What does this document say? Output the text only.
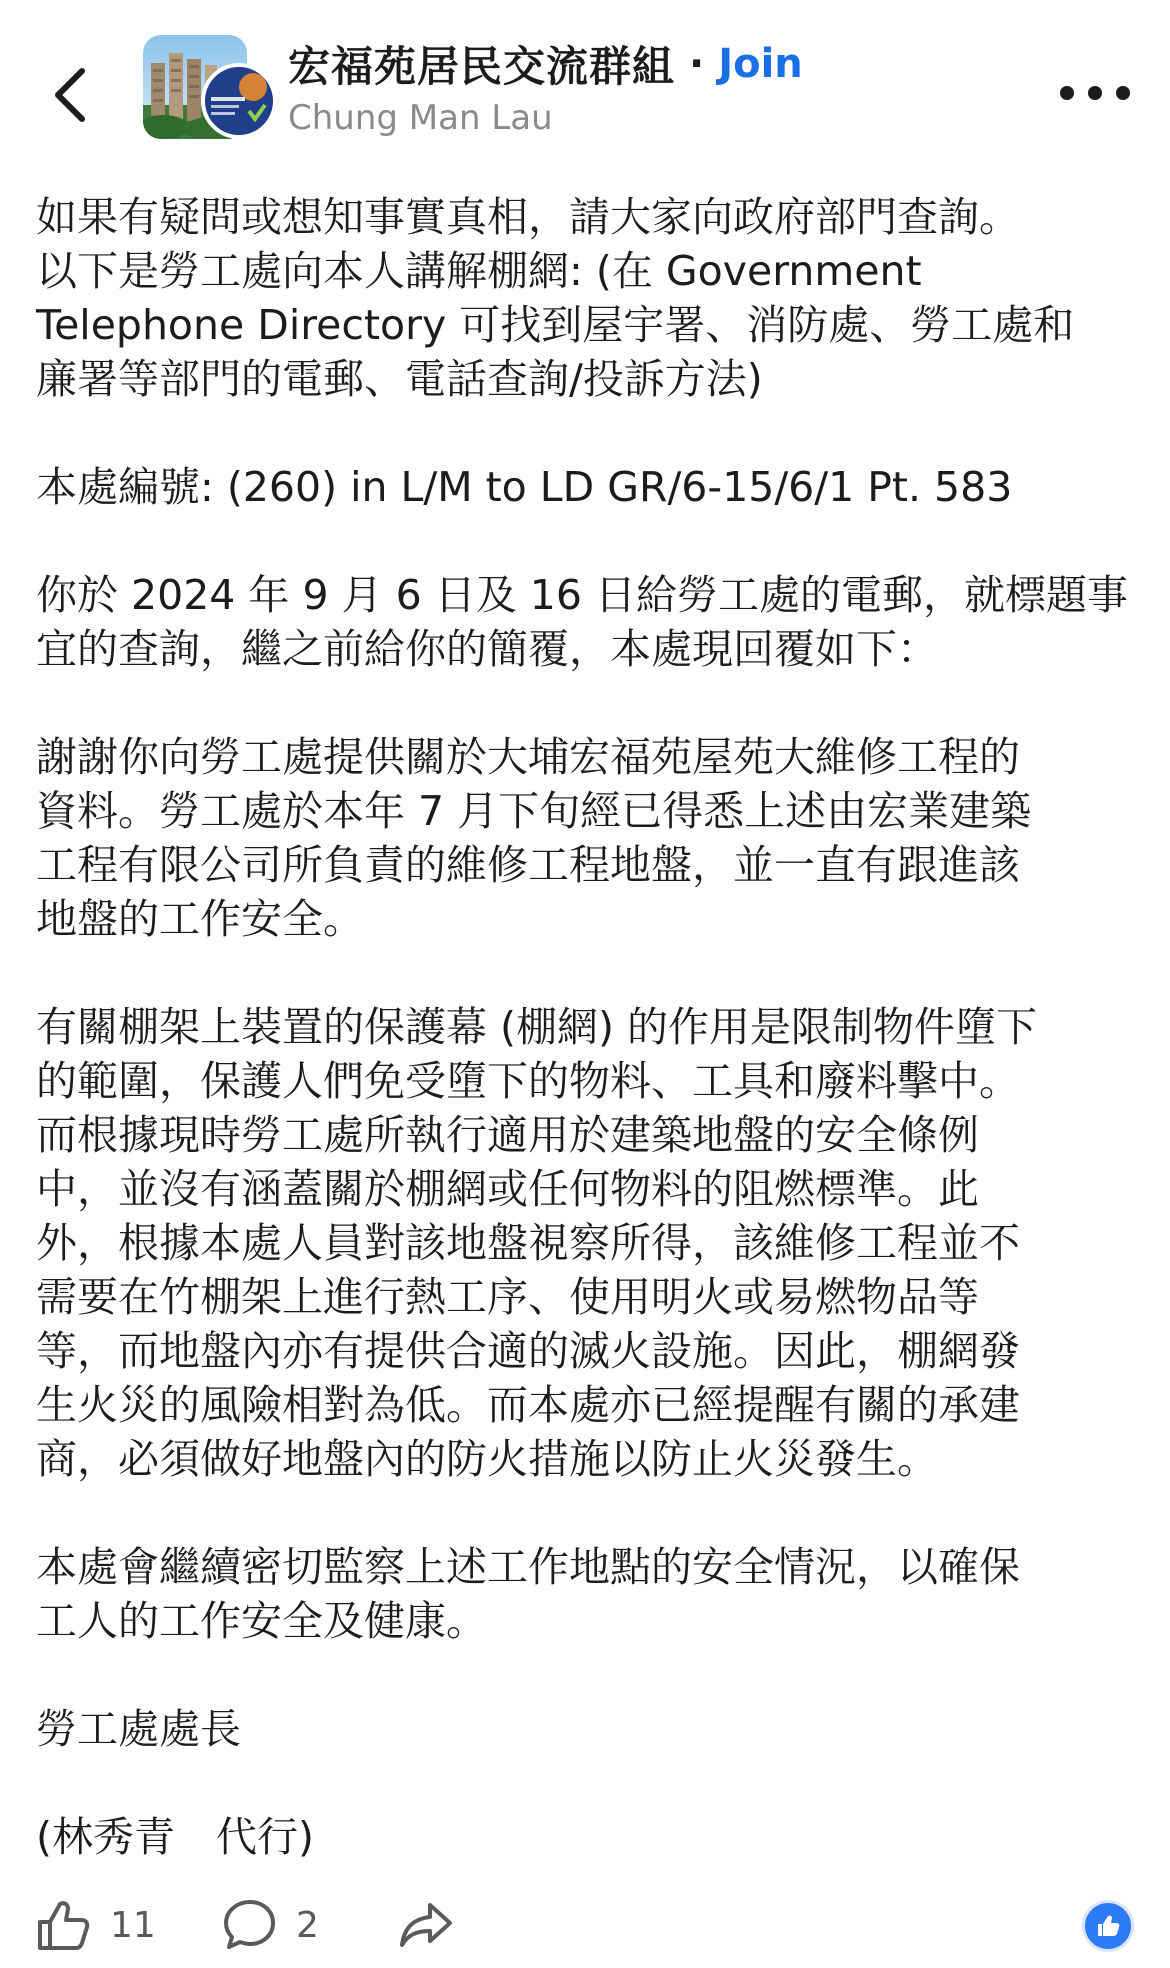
宏福苑居民交流群組 · Join
Chung Man Lau

如果有疑問或想知事實真相，請大家向政府部門查詢。
以下是勞工處向本人講解棚網: (在 Government
Telephone Directory 可找到屋宇署、消防處、勞工處和
廉署等部門的電郵、電話查詢/投訴方法)

本處編號: (260) in L/M to LD GR/6-15/6/1 Pt. 583

你於 2024 年 9 月 6 日及 16 日給勞工處的電郵，就標題事
宜的查詢，繼之前給你的簡覆，本處現回覆如下：

謝謝你向勞工處提供關於大埔宏福苑屋苑大維修工程的
資料。勞工處於本年 7 月下旬經已得悉上述由宏業建築
工程有限公司所負責的維修工程地盤，並一直有跟進該
地盤的工作安全。

有關棚架上裝置的保護幕 (棚網) 的作用是限制物件墮下
的範圍，保護人們免受墮下的物料、工具和廢料擊中。
而根據現時勞工處所執行適用於建築地盤的安全條例
中，並沒有涵蓋關於棚網或任何物料的阻燃標準。此
外，根據本處人員對該地盤視察所得，該維修工程並不
需要在竹棚架上進行熱工序、使用明火或易燃物品等
等，而地盤內亦有提供合適的滅火設施。因此，棚網發
生火災的風險相對為低。而本處亦已經提醒有關的承建
商，必須做好地盤內的防火措施以防止火災發生。

本處會繼續密切監察上述工作地點的安全情況，以確保
工人的工作安全及健康。

勞工處處長

(林秀青　代行)

11	2
